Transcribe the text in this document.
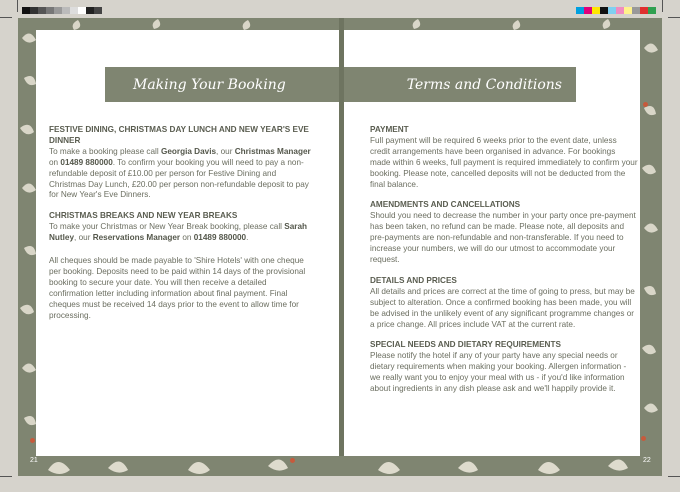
Making Your Booking	Terms and Conditions

FESTIVE DINING, CHRISTMAS DAY LUNCH AND NEW YEAR'S EVE DINNER

To make a booking please call Georgia Davis, our Christmas Manager on 01489 880000. To confirm your booking you will need to pay a non-refundable deposit of £10.00 per person for Festive Dining and Christmas Day Lunch, £20.00 per person non-refundable deposit to pay for New Year's Eve Dinners.

CHRISTMAS BREAKS AND NEW YEAR BREAKS

To make your Christmas or New Year Break booking, please call Sarah Nutley, our Reservations Manager on 01489 880000.

All cheques should be made payable to 'Shire Hotels' with one cheque per booking. Deposits need to be paid within 14 days of the provisional booking to secure your date. You will then receive a detailed confirmation letter including information about final payment. Final cheques must be received 14 days prior to the event to allow time for processing.

PAYMENT

Full payment will be required 6 weeks prior to the event date, unless credit arrangements have been organised in advance. For bookings made within 6 weeks, full payment is required immediately to confirm your booking. Please note, cancelled deposits will not be deducted from the final balance.

AMENDMENTS AND CANCELLATIONS

Should you need to decrease the number in your party once pre-payment has been taken, no refund can be made. Please note, all deposits and pre-payments are non-refundable and non-transferable. If you need to increase your numbers, we will do our utmost to accommodate your request.

DETAILS AND PRICES

All details and prices are correct at the time of going to press, but may be subject to alteration. Once a confirmed booking has been made, you will be advised in the unlikely event of any significant programme changes or a price change. All prices include VAT at the current rate.

SPECIAL NEEDS AND DIETARY REQUIREMENTS

Please notify the hotel if any of your party have any special needs or dietary requirements when making your booking. Allergen information - we really want you to enjoy your meal with us - if you'd like information about ingredients in any dish please ask and we'll happily provide it.

21	22
